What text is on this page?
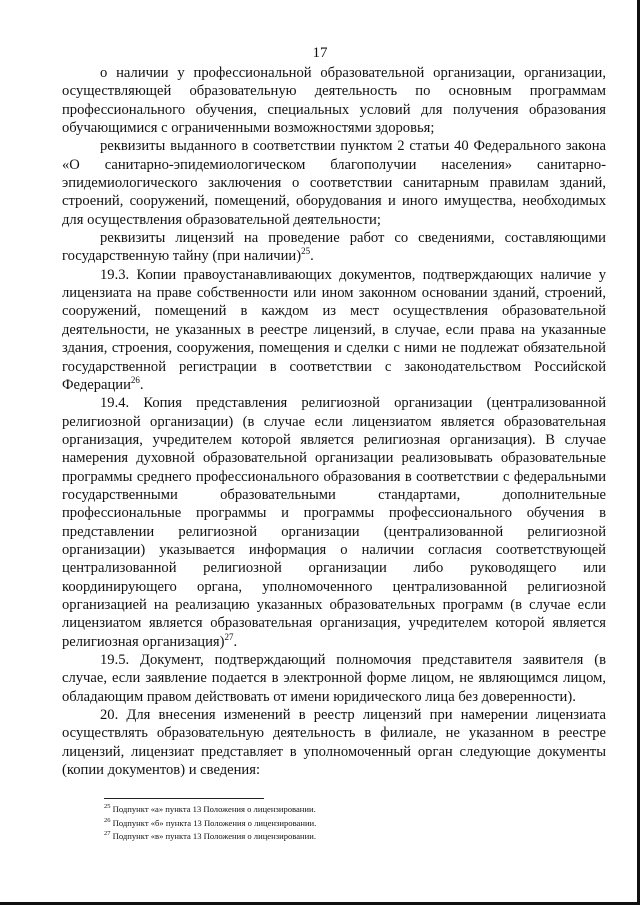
17

о наличии у профессиональной образовательной организации, организации, осуществляющей образовательную деятельность по основным программам профессионального обучения, специальных условий для получения образования обучающимися с ограниченными возможностями здоровья;

реквизиты выданного в соответствии пунктом 2 статьи 40 Федерального закона «О санитарно-эпидемиологическом благополучии населения» санитарно-эпидемиологического заключения о соответствии санитарным правилам зданий, строений, сооружений, помещений, оборудования и иного имущества, необходимых для осуществления образовательной деятельности;

реквизиты лицензий на проведение работ со сведениями, составляющими государственную тайну (при наличии)$^{25}$.

19.3. Копии правоустанавливающих документов, подтверждающих наличие у лицензиата на праве собственности или ином законном основании зданий, строений, сооружений, помещений в каждом из мест осуществления образовательной деятельности, не указанных в реестре лицензий, в случае, если права на указанные здания, строения, сооружения, помещения и сделки с ними не подлежат обязательной государственной регистрации в соответствии с законодательством Российской Федерации$^{26}$.

19.4. Копия представления религиозной организации (централизованной религиозной организации) (в случае если лицензиатом является образовательная организация, учредителем которой является религиозная организация). В случае намерения духовной образовательной организации реализовывать образовательные программы среднего профессионального образования в соответствии с федеральными государственными образовательными стандартами, дополнительные профессиональные программы и программы профессионального обучения в представлении религиозной организации (централизованной религиозной организации) указывается информация о наличии согласия соответствующей централизованной религиозной организации либо руководящего или координирующего органа, уполномоченного централизованной религиозной организацией на реализацию указанных образовательных программ (в случае если лицензиатом является образовательная организация, учредителем которой является религиозная организация)$^{27}$.

19.5. Документ, подтверждающий полномочия представителя заявителя (в случае, если заявление подается в электронной форме лицом, не являющимся лицом, обладающим правом действовать от имени юридического лица без доверенности).

20. Для внесения изменений в реестр лицензий при намерении лицензиата осуществлять образовательную деятельность в филиале, не указанном в реестре лицензий, лицензиат представляет в уполномоченный орган следующие документы (копии документов) и сведения:

$^{25}$ Подпункт «а» пункта 13 Положения о лицензировании.
$^{26}$ Подпункт «б» пункта 13 Положения о лицензировании.
$^{27}$ Подпункт «в» пункта 13 Положения о лицензировании.
